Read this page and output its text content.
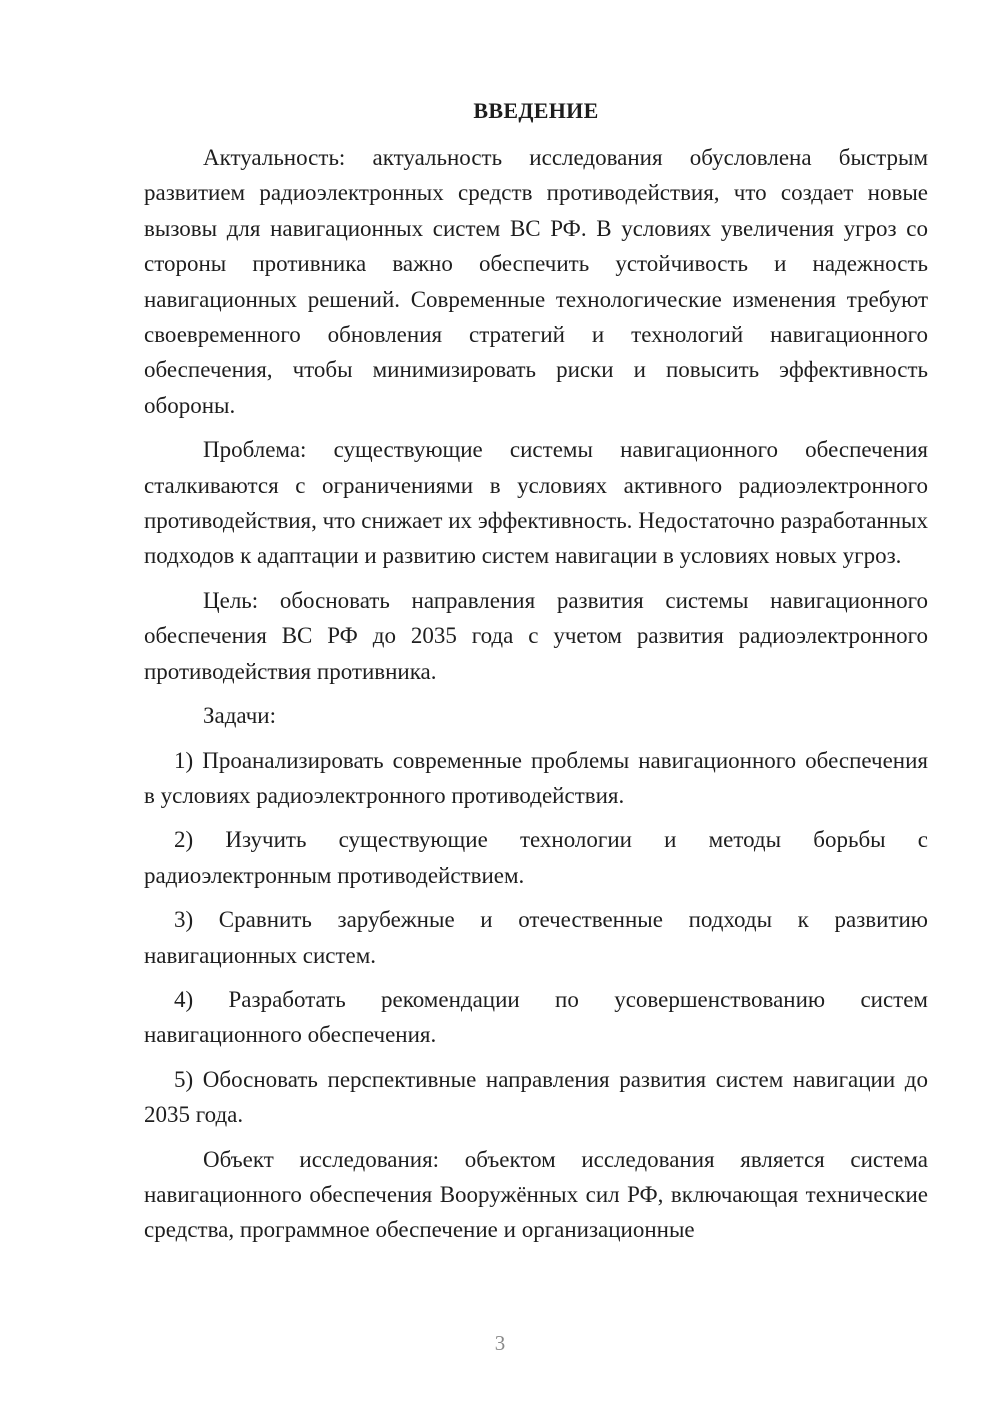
ВВЕДЕНИЕ

Актуальность: актуальность исследования обусловлена быстрым развитием радиоэлектронных средств противодействия, что создает новые вызовы для навигационных систем ВС РФ. В условиях увеличения угроз со стороны противника важно обеспечить устойчивость и надежность навигационных решений. Современные технологические изменения требуют своевременного обновления стратегий и технологий навигационного обеспечения, чтобы минимизировать риски и повысить эффективность обороны.

Проблема: существующие системы навигационного обеспечения сталкиваются с ограничениями в условиях активного радиоэлектронного противодействия, что снижает их эффективность. Недостаточно разработанных подходов к адаптации и развитию систем навигации в условиях новых угроз.

Цель: обосновать направления развития системы навигационного обеспечения ВС РФ до 2035 года с учетом развития радиоэлектронного противодействия противника.

Задачи:

1) Проанализировать современные проблемы навигационного обеспечения в условиях радиоэлектронного противодействия.

2) Изучить существующие технологии и методы борьбы с радиоэлектронным противодействием.

3) Сравнить зарубежные и отечественные подходы к развитию навигационных систем.

4) Разработать рекомендации по усовершенствованию систем навигационного обеспечения.

5) Обосновать перспективные направления развития систем навигации до 2035 года.

Объект исследования: объектом исследования является система навигационного обеспечения Вооружённых сил РФ, включающая технические средства, программное обеспечение и организационные

3
